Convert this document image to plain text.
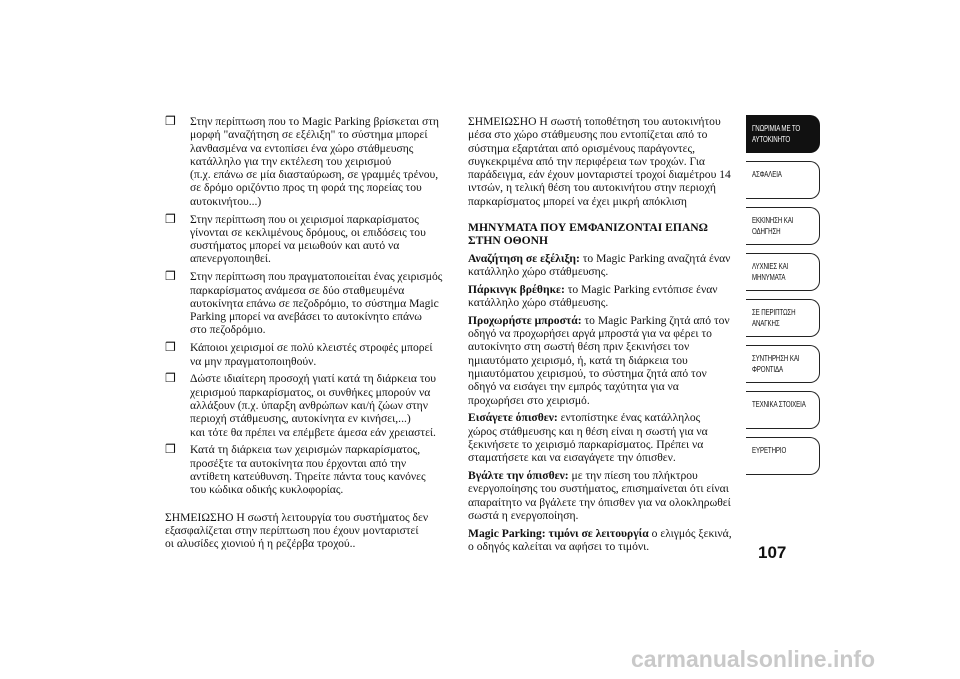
❒ Στην περίπτωση που το Magic Parking βρίσκεται στη
μορφή "αναζήτηση σε εξέλιξη" το σύστημα μπορεί
λανθασμένα να εντοπίσει ένα χώρο στάθμευσης
κατάλληλο για την εκτέλεση του χειρισμού
(π.χ. επάνω σε μία διασταύρωση, σε γραμμές τρένου,
σε δρόμο οριζόντιο προς τη φορά της πορείας του
αυτοκινήτου...)
❒ Στην περίπτωση που οι χειρισμοί παρκαρίσματος
γίνονται σε κεκλιμένους δρόμους, οι επιδόσεις του
συστήματος μπορεί να μειωθούν και αυτό να
απενεργοποιηθεί.
❒ Στην περίπτωση που πραγματοποιείται ένας χειρισμός
παρκαρίσματος ανάμεσα σε δύο σταθμευμένα
αυτοκίνητα επάνω σε πεζοδρόμιο, το σύστημα Magic
Parking μπορεί να ανεβάσει το αυτοκίνητο επάνω
στο πεζοδρόμιο.
❒ Κάποιοι χειρισμοί σε πολύ κλειστές στροφές μπορεί
να μην πραγματοποιηθούν.
❒ Δώστε ιδιαίτερη προσοχή γιατί κατά τη διάρκεια του
χειρισμού παρκαρίσματος, οι συνθήκες μπορούν να
αλλάξουν (π.χ. ύπαρξη ανθρώπων και/ή ζώων στην
περιοχή στάθμευσης, αυτοκίνητα εν κινήσει,...)
και τότε θα πρέπει να επέμβετε άμεσα εάν χρειαστεί.
❒ Κατά τη διάρκεια των χειρισμών παρκαρίσματος,
προσέξτε τα αυτοκίνητα που έρχονται από την
αντίθετη κατεύθυνση. Τηρείτε πάντα τους κανόνες
του κώδικα οδικής κυκλοφορίας.
ΣΗΜΕΙΩΣΗΟ Η σωστή λειτουργία του συστήματος δεν
εξασφαλίζεται στην περίπτωση που έχουν μονταριστεί
οι αλυσίδες χιονιού ή η ρεζέρβα τροχού..
ΣΗΜΕΙΩΣΗΟ Η σωστή τοποθέτηση του αυτοκινήτου
μέσα στο χώρο στάθμευσης που εντοπίζεται από το
σύστημα εξαρτάται από ορισμένους παράγοντες,
συγκεκριμένα από την περιφέρεια των τροχών. Για
παράδειγμα, εάν έχουν μονταριστεί τροχοί διαμέτρου 14
ιντσών, η τελική θέση του αυτοκινήτου στην περιοχή
παρκαρίσματος μπορεί να έχει μικρή απόκλιση
ΜΗΝΥΜΑΤΑ ΠΟΥ ΕΜΦΑΝΙΖΟΝΤΑΙ ΕΠΑΝΩ
ΣΤΗΝ ΟΘΟΝΗ
Αναζήτηση σε εξέλιξη: το Magic Parking αναζητά έναν
κατάλληλο χώρο στάθμευσης.
Πάρκινγκ βρέθηκε: το Magic Parking εντόπισε έναν
κατάλληλο χώρο στάθμευσης.
Προχωρήστε μπροστά: το Magic Parking ζητά από τον
οδηγό να προχωρήσει αργά μπροστά για να φέρει το
αυτοκίνητο στη σωστή θέση πριν ξεκινήσει τον
ημιαυτόματο χειρισμό, ή, κατά τη διάρκεια του
ημιαυτόματου χειρισμού, το σύστημα ζητά από τον
οδηγό να εισάγει την εμπρός ταχύτητα για να
προχωρήσει στο χειρισμό.
Εισάγετε όπισθεν: εντοπίστηκε ένας κατάλληλος
χώρος στάθμευσης και η θέση είναι η σωστή για να
ξεκινήσετε το χειρισμό παρκαρίσματος. Πρέπει να
σταματήσετε και να εισαγάγετε την όπισθεν.
Βγάλτε την όπισθεν: με την πίεση του πλήκτρου
ενεργοποίησης του συστήματος, επισημαίνεται ότι είναι
απαραίτητο να βγάλετε την όπισθεν για να ολοκληρωθεί
σωστά η ενεργοποίηση.
Magic Parking: τιμόνι σε λειτουργία ο ελιγμός ξεκινά,
ο οδηγός καλείται να αφήσει το τιμόνι.
ΓΝΩΡΙΜΙΑ ΜΕ ΤΟ
ΑΥΤΟΚΙΝΗΤΟ
ΑΣΦΑΛΕΙΑ
ΕΚΚΙΝΗΣΗ ΚΑΙ
ΟΔΗΓΗΣΗ
ΛΥΧΝΙΕΣ ΚΑΙ
ΜΗΝΥΜΑΤΑ
ΣΕ ΠΕΡΙΠΤΩΣΗ
ΑΝΑΓΚΗΣ
ΣΥΝΤΗΡΗΣΗ ΚΑΙ
ΦΡΟΝΤΙΔΑ
ΤΕΧΝΙΚΑ ΣΤΟΙΧΕΙΑ
ΕΥΡΕΤΗΡΙΟ
107
carmanualsonline.info
